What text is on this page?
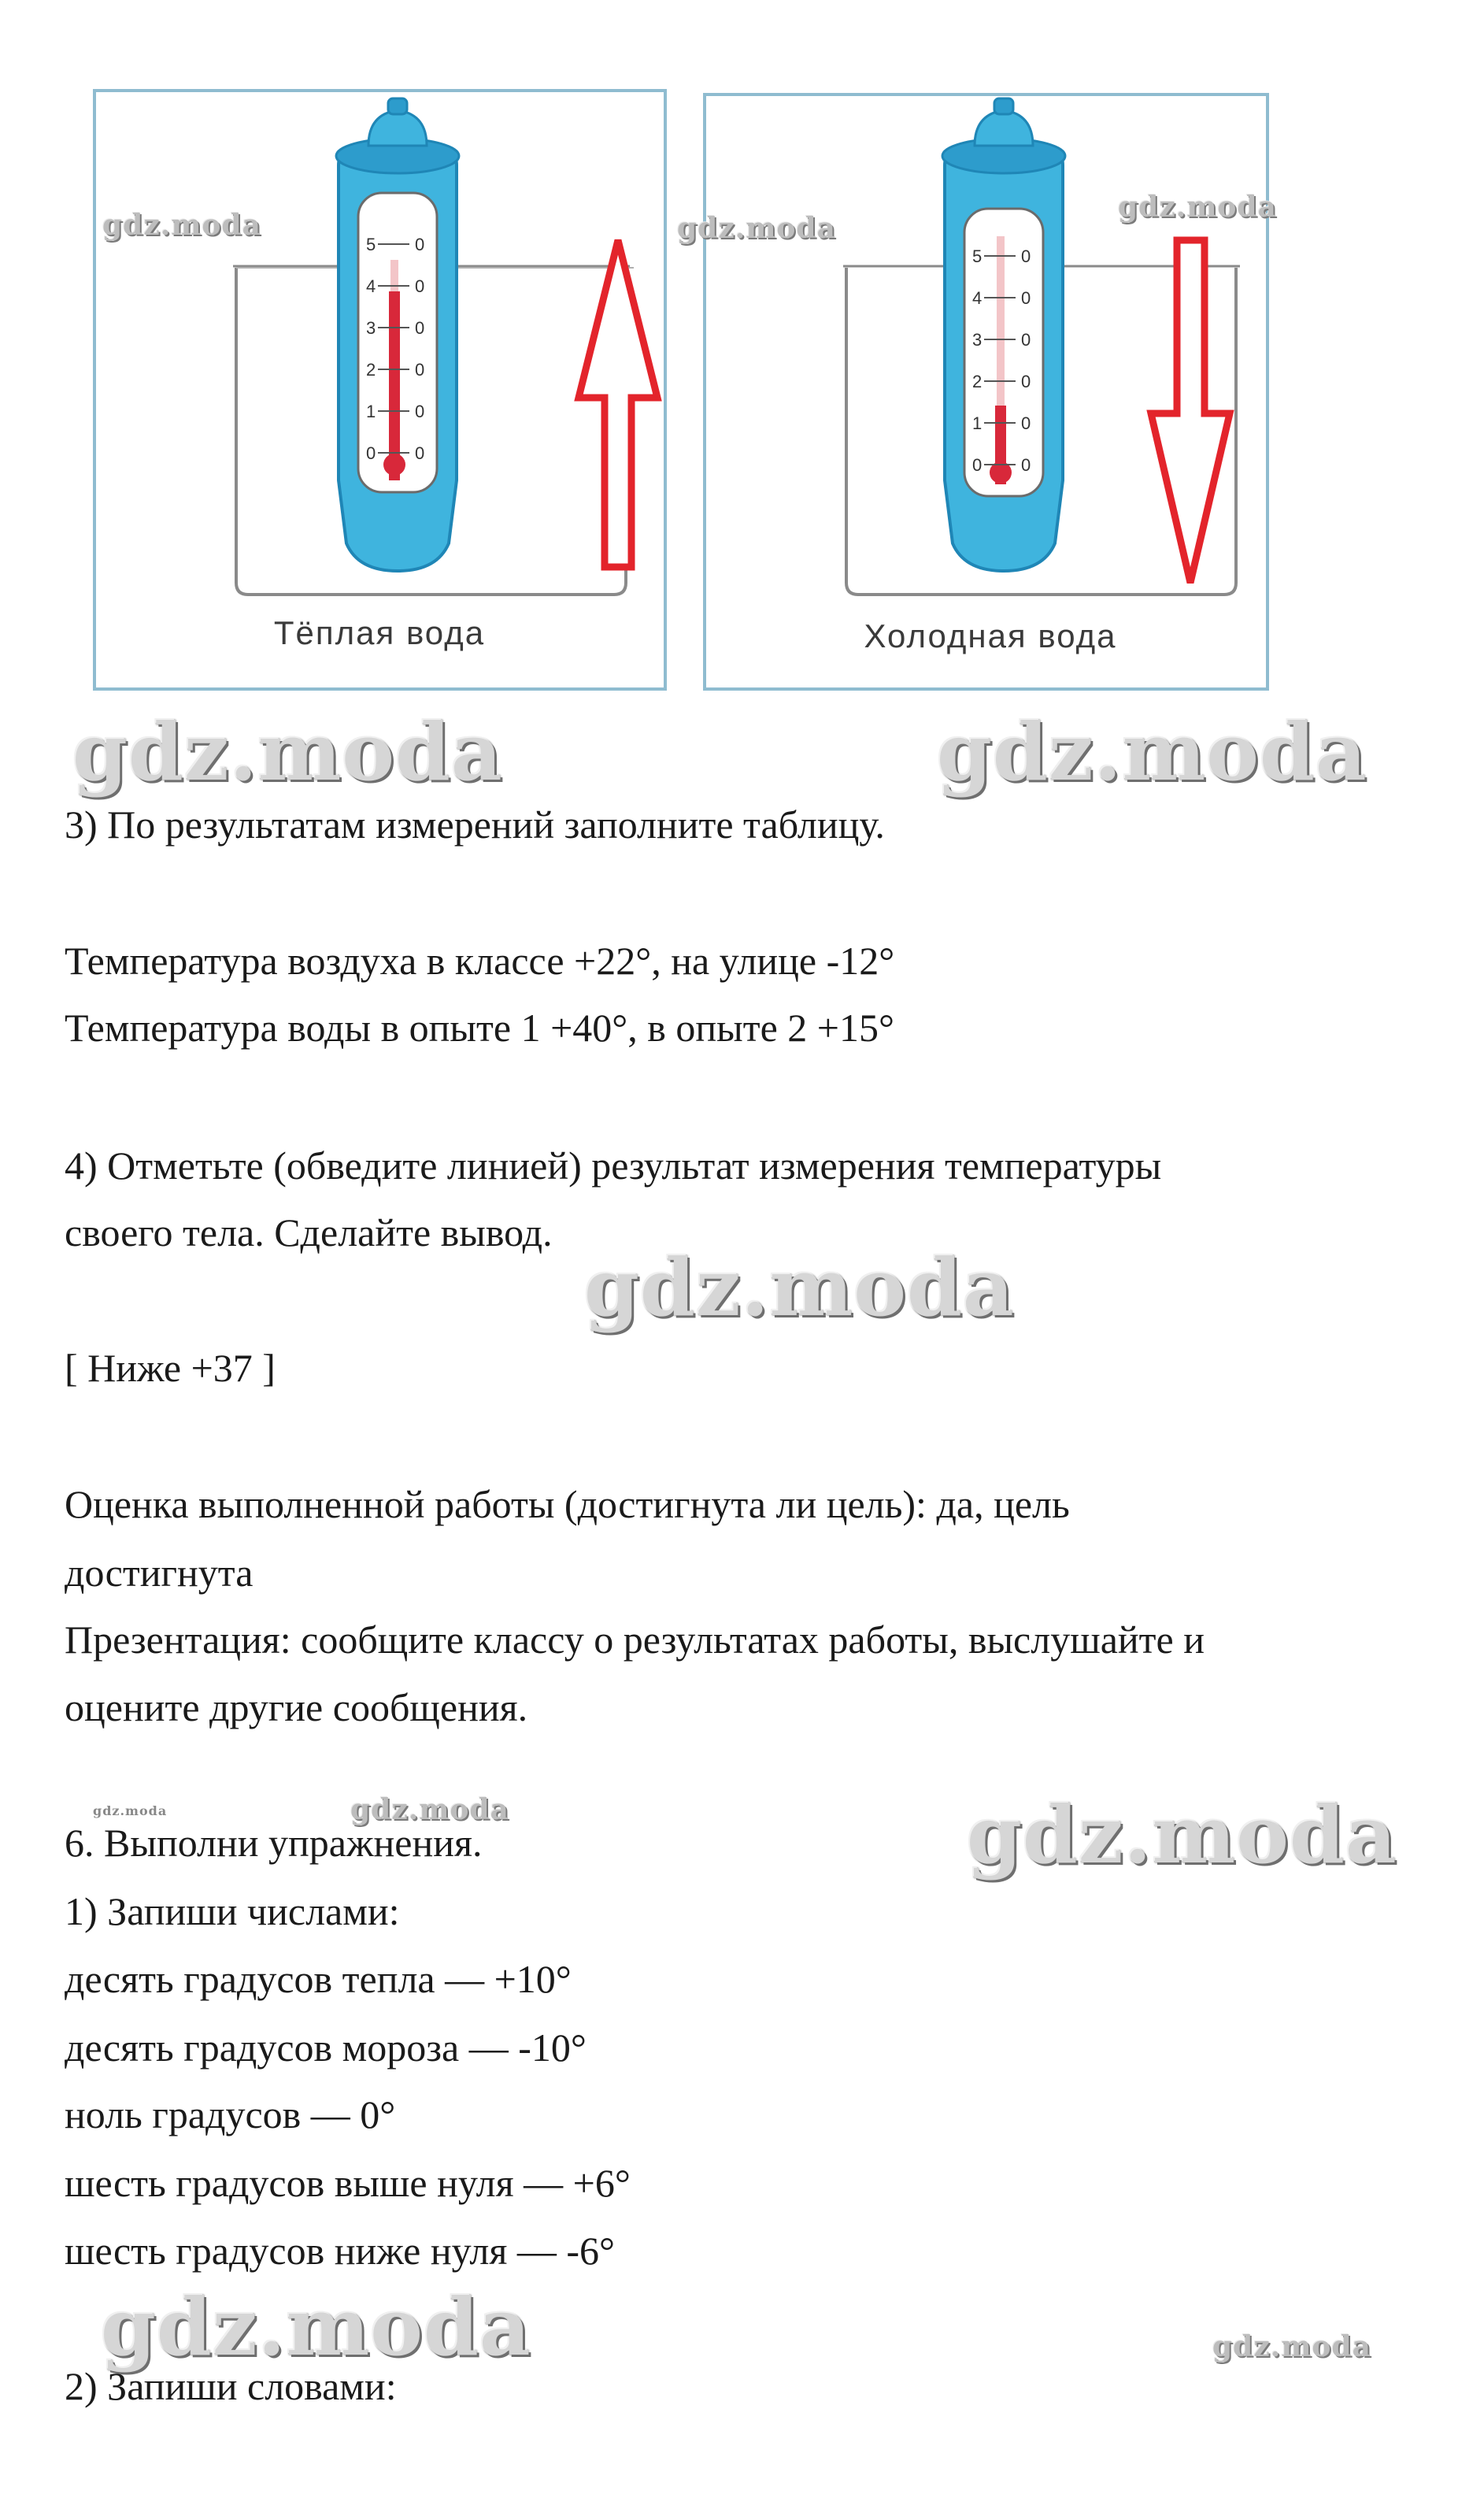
5
4
3
2
1
0
0
0
0
0
0
0
Тёплая вода
5
4
3
2
1
0
0
0
0
0
0
0
Холодная вода
gdz.moda	gdz.moda
gdz.moda
gdz.moda	gdz.moda
gdz.moda
gdz.moda	gdz.moda	gdz.moda
gdz.moda	gdz.moda
3) По результатам измерений заполните таблицу.
Температура воздуха в классе +22°, на улице -12°
Температура воды в опыте 1 +40°, в опыте 2 +15°
4) Отметьте (обведите линией) результат измерения температуры
своего тела. Сделайте вывод.
[ Ниже +37 ]
Оценка выполненной работы (достигнута ли цель): да, цель
достигнута
Презентация: сообщите классу о результатах работы, выслушайте и
оцените другие сообщения.
6. Выполни упражнения.
1) Запиши числами:
десять градусов тепла — +10°
десять градусов мороза — -10°
ноль градусов — 0°
шесть градусов выше нуля — +6°
шесть градусов ниже нуля — -6°
2) Запиши словами:
